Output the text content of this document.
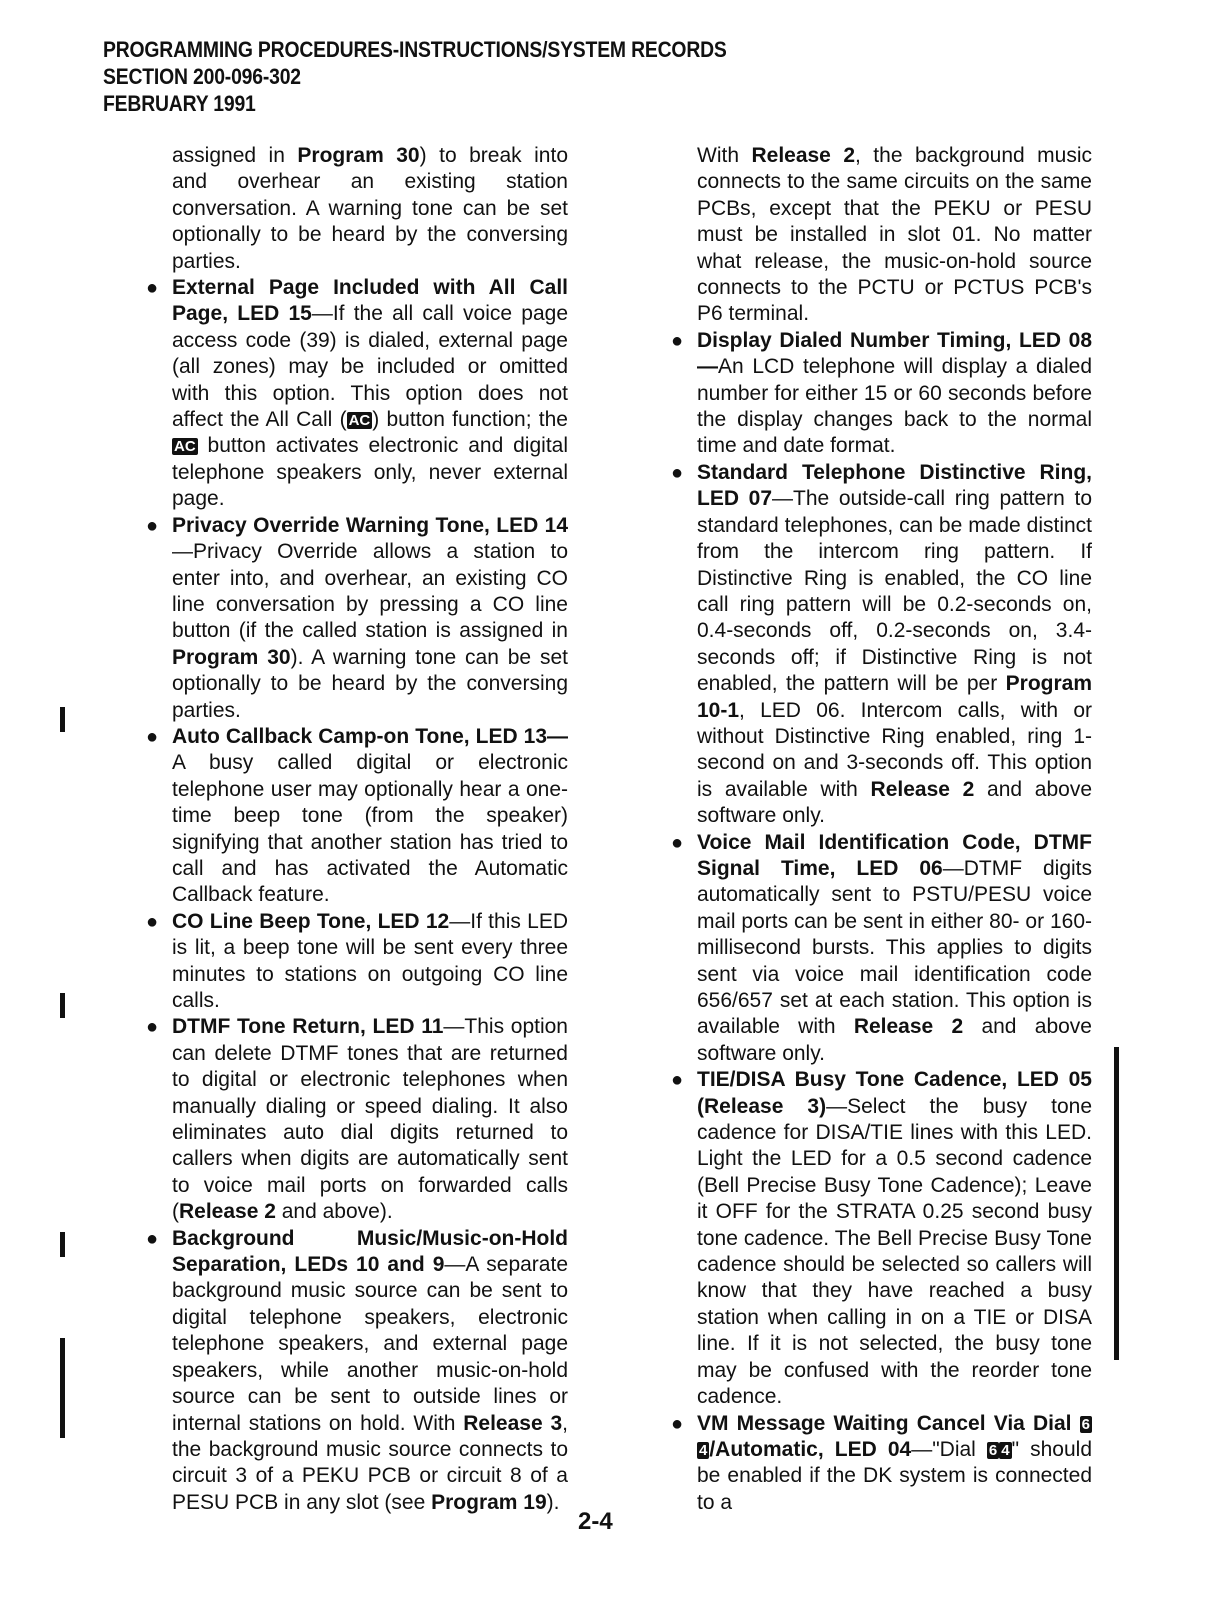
PROGRAMMING PROCEDURES-INSTRUCTIONS/SYSTEM RECORDS
SECTION 200-096-302
FEBRUARY 1991

assigned in Program 30) to break into and overhear an existing station conversation. A warning tone can be set optionally to be heard by the conversing parties.

● External Page Included with All Call Page, LED 15—If the all call voice page access code (39) is dialed, external page (all zones) may be included or omitted with this option. This option does not affect the All Call ( AC) button function; the AC button activates electronic and digital telephone speakers only, never external page.
● Privacy Override Warning Tone, LED 14—Privacy Override allows a station to enter into, and overhear, an existing CO line conversation by pressing a CO line button (if the called station is assigned in Program 30). A warning tone can be set optionally to be heard by the conversing parties.
● Auto Callback Camp-on Tone, LED 13—A busy called digital or electronic telephone user may optionally hear a one-time beep tone (from the speaker) signifying that another station has tried to call and has activated the Automatic Callback feature.
● CO Line Beep Tone, LED 12—If this LED is lit, a beep tone will be sent every three minutes to stations on outgoing CO line calls.
● DTMF Tone Return, LED 11—This option can delete DTMF tones that are returned to digital or electronic telephones when manually dialing or speed dialing. It also eliminates auto dial digits returned to callers when digits are automatically sent to voice mail ports on forwarded calls (Release 2 and above).
● Background Music/Music-on-Hold Separation, LEDs 10 and 9—A separate background music source can be sent to digital telephone speakers, electronic telephone speakers, and external page speakers, while another music-on-hold source can be sent to outside lines or internal stations on hold. With Release 3, the background music source connects to circuit 3 of a PEKU PCB or circuit 8 of a PESU PCB in any slot (see Program 19).

With Release 2, the background music connects to the same circuits on the same PCBs, except that the PEKU or PESU must be installed in slot 01. No matter what release, the music-on-hold source connects to the PCTU or PCTUS PCB's P6 terminal.

● Display Dialed Number Timing, LED 08—An LCD telephone will display a dialed number for either 15 or 60 seconds before the display changes back to the normal time and date format.
● Standard Telephone Distinctive Ring, LED 07—The outside-call ring pattern to standard telephones, can be made distinct from the intercom ring pattern. If Distinctive Ring is enabled, the CO line call ring pattern will be 0.2-seconds on, 0.4-seconds off, 0.2-seconds on, 3.4-seconds off; if Distinctive Ring is not enabled, the pattern will be per Program 10-1, LED 06. Intercom calls, with or without Distinctive Ring enabled, ring 1-second on and 3-seconds off. This option is available with Release 2 and above software only.
● Voice Mail Identification Code, DTMF Signal Time, LED 06—DTMF digits automatically sent to PSTU/PESU voice mail ports can be sent in either 80- or 160-millisecond bursts. This applies to digits sent via voice mail identification code 656/657 set at each station. This option is available with Release 2 and above software only.
● TIE/DISA Busy Tone Cadence, LED 05 (Release 3)—Select the busy tone cadence for DISA/TIE lines with this LED. Light the LED for a 0.5 second cadence (Bell Precise Busy Tone Cadence); Leave it OFF for the STRATA 0.25 second busy tone cadence. The Bell Precise Busy Tone cadence should be selected so callers will know that they have reached a busy station when calling in on a TIE or DISA line. If it is not selected, the busy tone may be confused with the reorder tone cadence.
● VM Message Waiting Cancel Via Dial 6 4/Automatic, LED 04—"Dial 6 4" should be enabled if the DK system is connected to a
2-4
